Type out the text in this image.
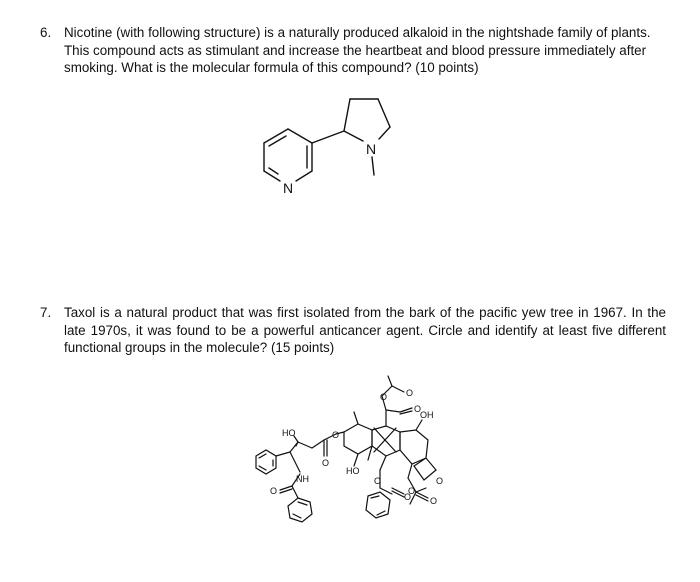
6. Nicotine (with following structure) is a naturally produced alkaloid in the nightshade family of plants. This compound acts as stimulant and increase the heartbeat and blood pressure immediately after smoking. What is the molecular formula of this compound? (10 points)
N
N
7. Taxol is a natural product that was first isolated from the bark of the pacific yew tree in 1967. In the late 1970s, it was found to be a powerful anticancer agent. Circle and identify at least five different functional groups in the molecule? (15 points)
HO	O
O
NH
O
HO
OH
O O
O
O
O
O
O
O
